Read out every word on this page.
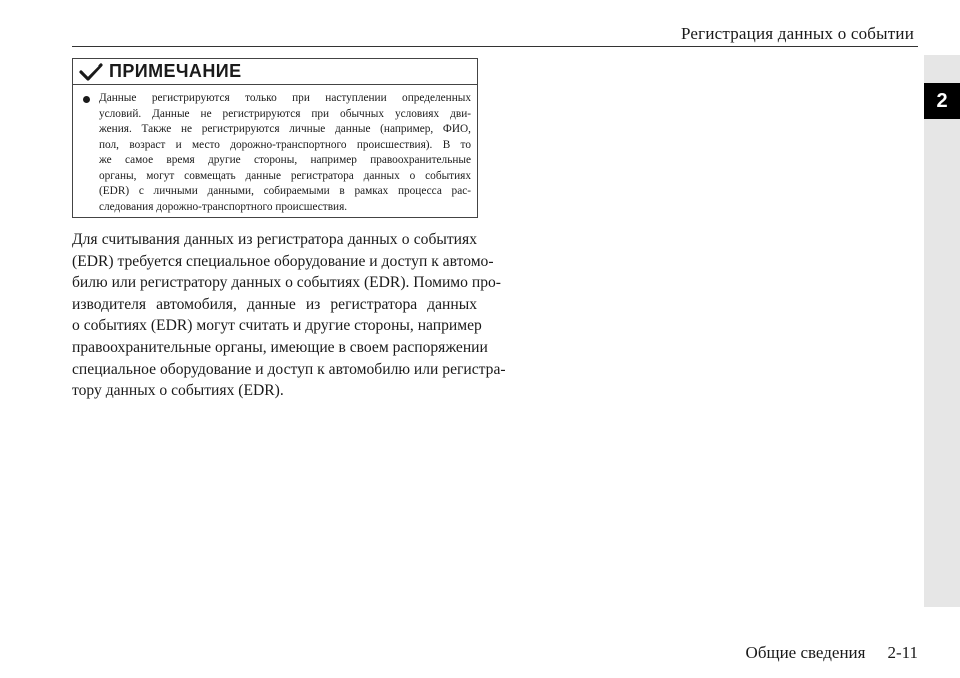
Регистрация данных о событии
2
ПРИМЕЧАНИЕ
Данные регистрируются только при наступлении определенных
условий. Данные не регистрируются при обычных условиях дви-
жения. Также не регистрируются личные данные (например, ФИО,
пол, возраст и место дорожно-транспортного происшествия). В то
же самое время другие стороны, например правоохранительные
органы, могут совмещать данные регистратора данных о событиях
(EDR) с личными данными, собираемыми в рамках процесса рас-
следования дорожно-транспортного происшествия.
Для считывания данных из регистратора данных о событиях
(EDR) требуется специальное оборудование и доступ к автомо-
билю или регистратору данных о событиях (EDR). Помимо про-
изводителя автомобиля, данные из регистратора данных
о событиях (EDR) могут считать и другие стороны, например
правоохранительные органы, имеющие в своем распоряжении
специальное оборудование и доступ к автомобилю или регистра-
тору данных о событиях (EDR).
Общие сведения 2-11
